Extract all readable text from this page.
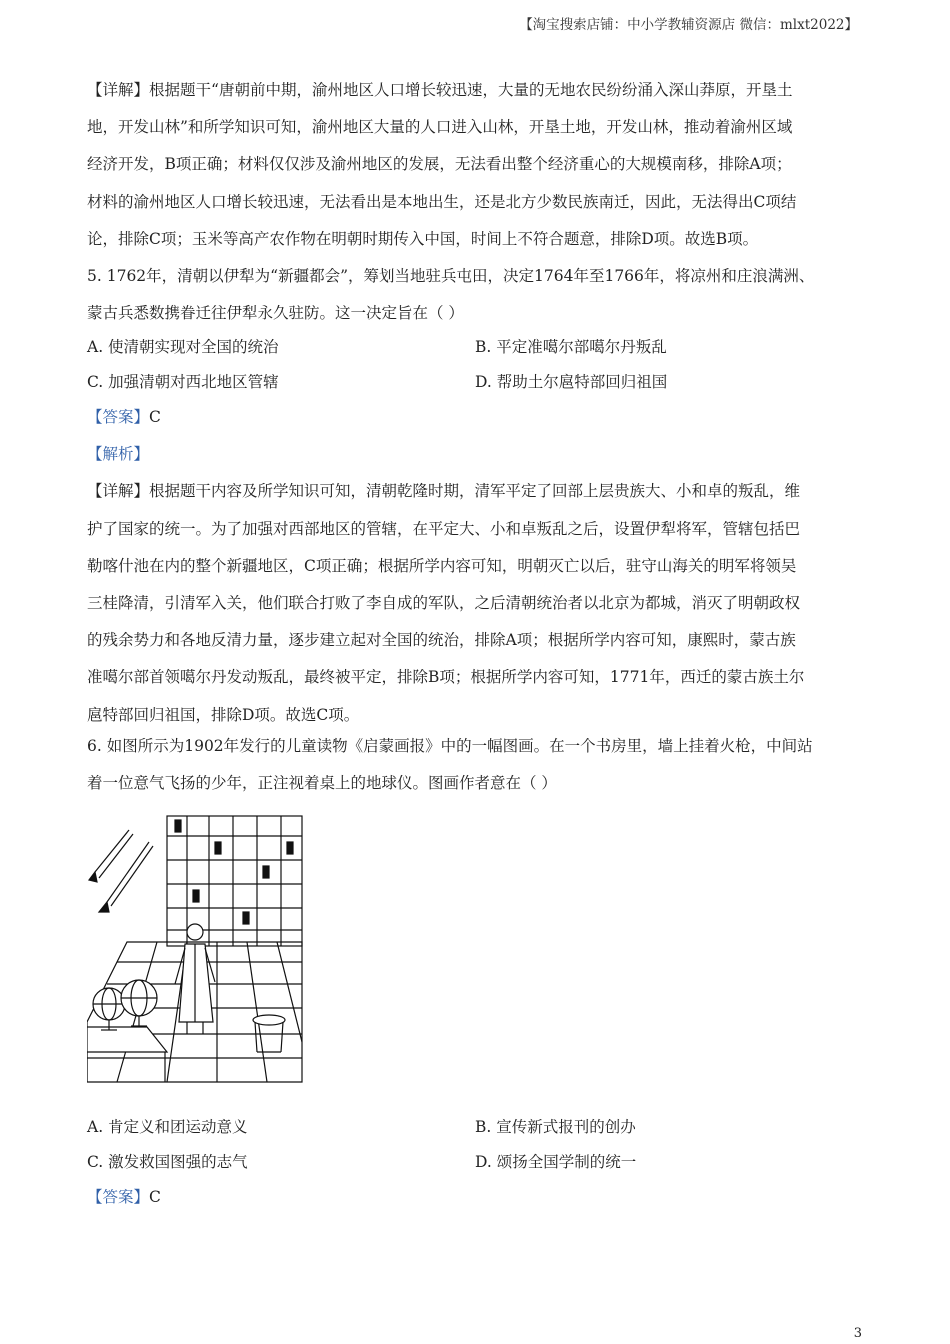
【淘宝搜索店铺：中小学教辅资源店 微信：mlxt2022】
【详解】根据题干“唐朝前中期，渝州地区人口增长较迅速，大量的无地农民纷纷涌入深山莽原，开垦土
地，开发山林”和所学知识可知，渝州地区大量的人口进入山林，开垦土地，开发山林，推动着渝州区域
经济开发，B项正确；材料仅仅涉及渝州地区的发展，无法看出整个经济重心的大规模南移，排除A项；
材料的渝州地区人口增长较迅速，无法看出是本地出生，还是北方少数民族南迁，因此，无法得出C项结
论，排除C项；玉米等高产农作物在明朝时期传入中国，时间上不符合题意，排除D项。故选B项。
5. 1762年，清朝以伊犁为“新疆都会”，筹划当地驻兵屯田，决定1764年至1766年，将凉州和庄浪满洲、
蒙古兵悉数携眷迁往伊犁永久驻防。这一决定旨在（ ）
A. 使清朝实现对全国的统治	B. 平定准噶尔部噶尔丹叛乱
C. 加强清朝对西北地区管辖	D. 帮助土尔扈特部回归祖国
【答案】C
【解析】
【详解】根据题干内容及所学知识可知，清朝乾隆时期，清军平定了回部上层贵族大、小和卓的叛乱，维
护了国家的统一。为了加强对西部地区的管辖，在平定大、小和卓叛乱之后，设置伊犁将军，管辖包括巴
勒喀什池在内的整个新疆地区，C项正确；根据所学内容可知，明朝灭亡以后，驻守山海关的明军将领吴
三桂降清，引清军入关，他们联合打败了李自成的军队，之后清朝统治者以北京为都城，消灭了明朝政权
的残余势力和各地反清力量，逐步建立起对全国的统治，排除A项；根据所学内容可知，康熙时，蒙古族
准噶尔部首领噶尔丹发动叛乱，最终被平定，排除B项；根据所学内容可知，1771年，西迁的蒙古族土尔
扈特部回归祖国，排除D项。故选C项。
6. 如图所示为1902年发行的儿童读物《启蒙画报》中的一幅图画。在一个书房里，墙上挂着火枪，中间站
着一位意气飞扬的少年，正注视着桌上的地球仪。图画作者意在（ ）
A. 肯定义和团运动意义	B. 宣传新式报刊的创办
C. 激发救国图强的志气	D. 颂扬全国学制的统一
【答案】C
3
